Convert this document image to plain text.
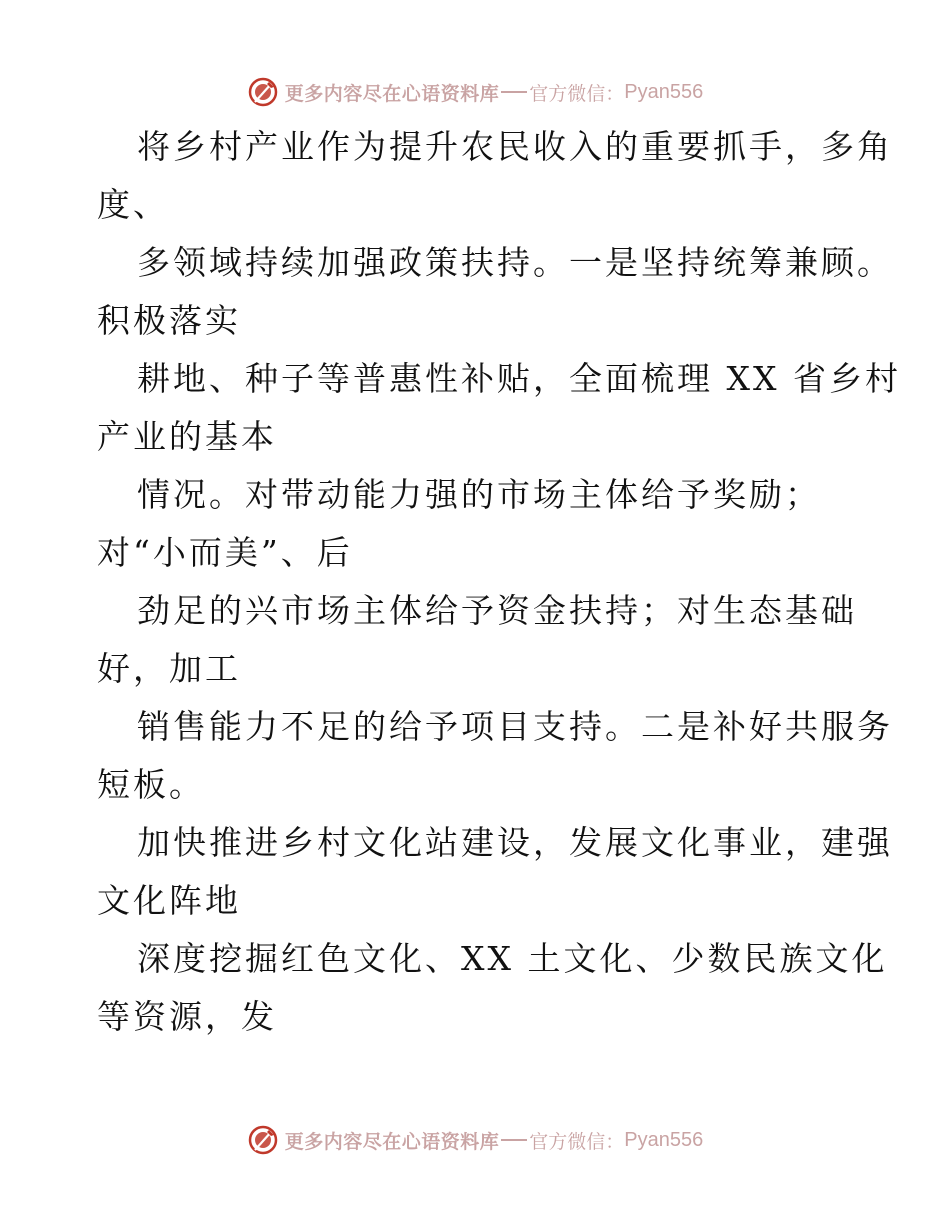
更多内容尽在心语资料库 官方微信： Pyan556
将乡村产业作为提升农民收入的重要抓手，多角
度、
多领域持续加强政策扶持。一是坚持统筹兼顾。
积极落实
耕地、种子等普惠性补贴，全面梳理 XX 省乡村
产业的基本
情况。对带动能力强的市场主体给予奖励；
对“小而美”、后
劲足的兴市场主体给予资金扶持；对生态基础
好，加工
销售能力不足的给予项目支持。二是补好共服务
短板。
加快推进乡村文化站建设，发展文化事业，建强
文化阵地
深度挖掘红色文化、XX 土文化、少数民族文化
等资源，发
更多内容尽在心语资料库 官方微信： Pyan556
